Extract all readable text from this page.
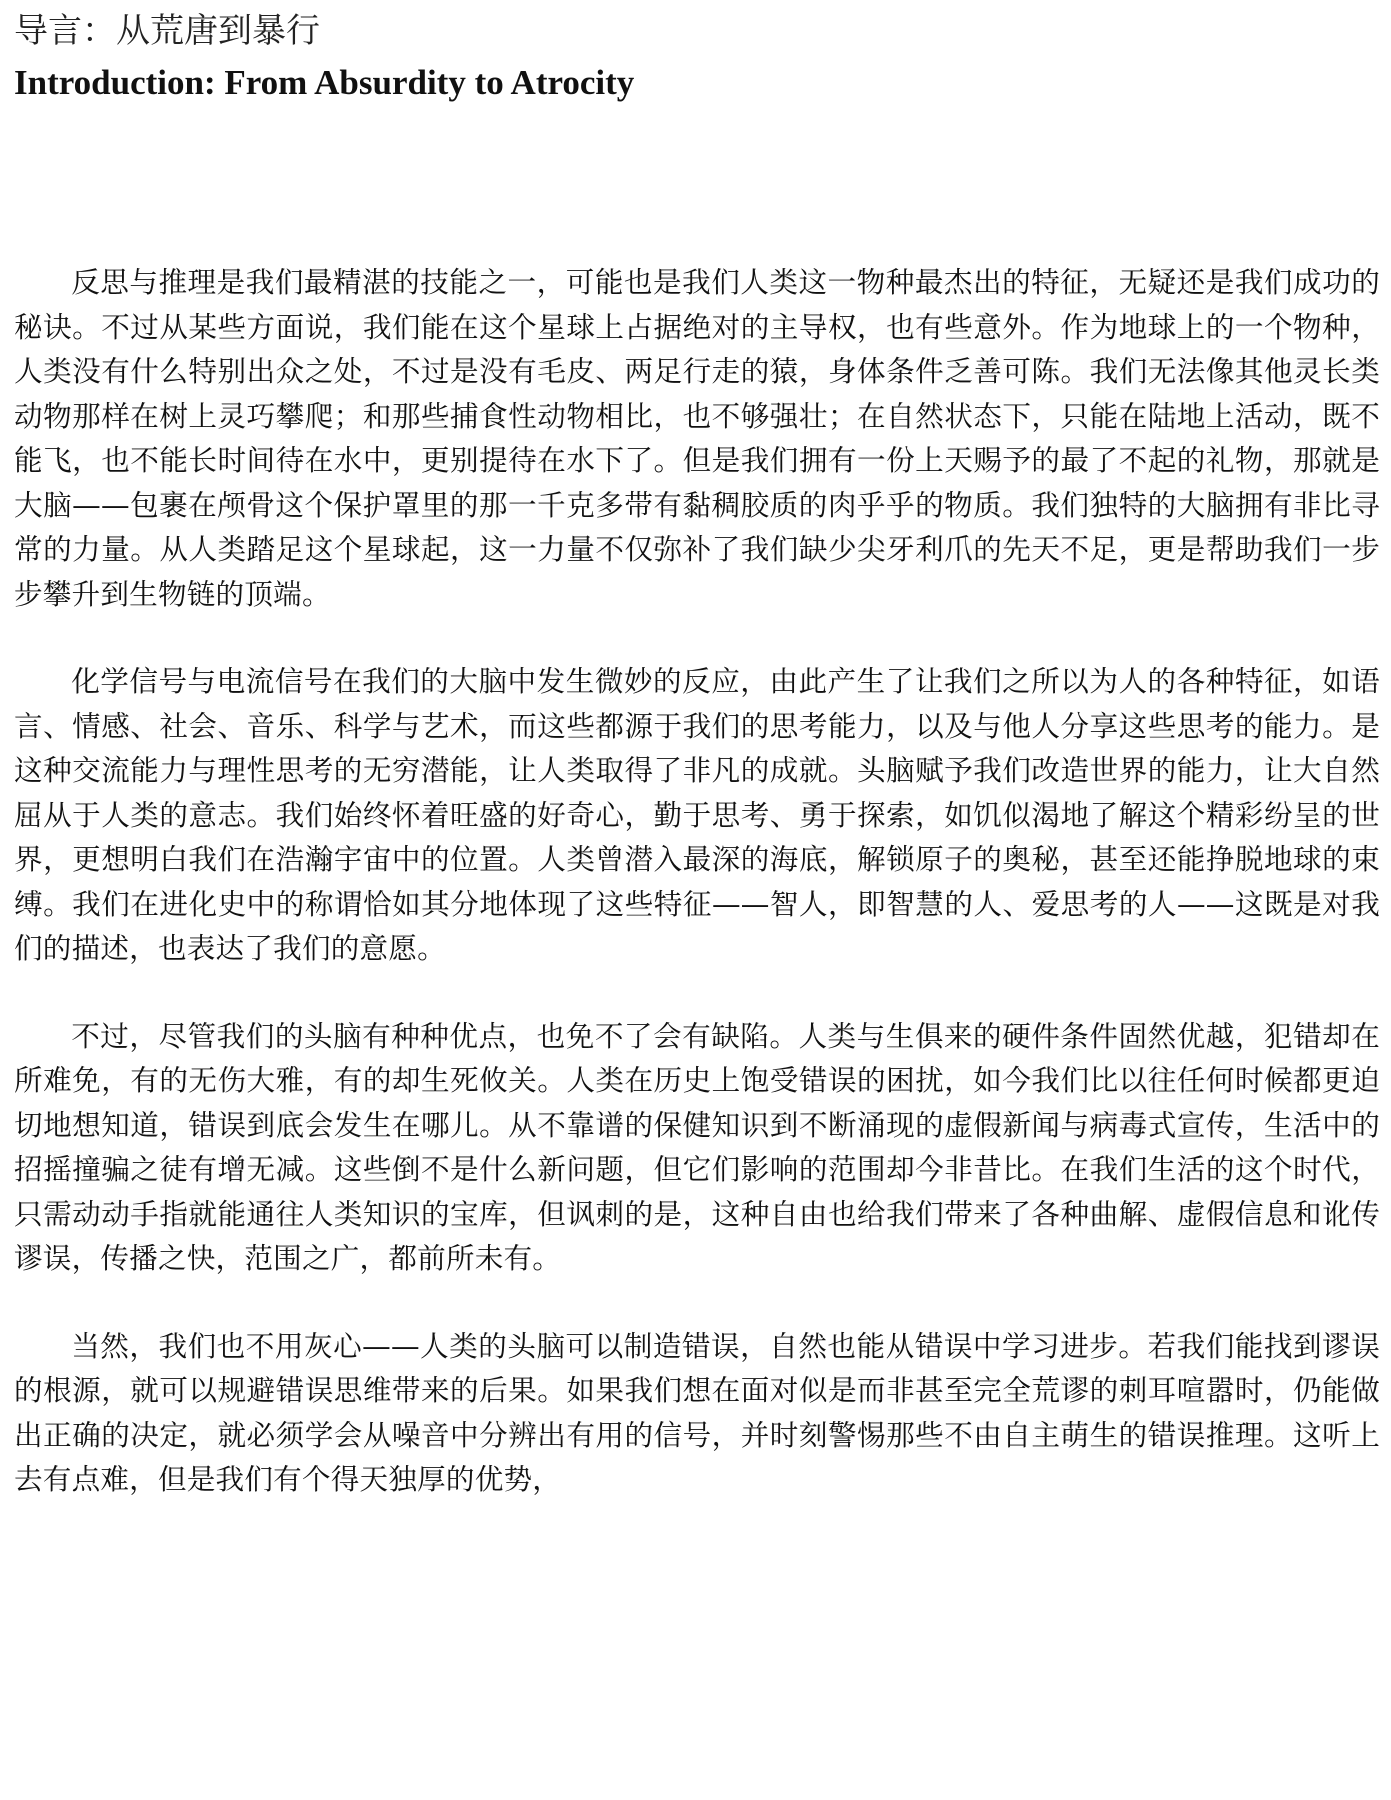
导言：从荒唐到暴行
Introduction: From Absurdity to Atrocity

反思与推理是我们最精湛的技能之一，可能也是我们人类这一物种最杰出的特征，无疑还是我们成功的秘诀。不过从某些方面说，我们能在这个星球上占据绝对的主导权，也有些意外。作为地球上的一个物种，人类没有什么特别出众之处，不过是没有毛皮、两足行走的猿，身体条件乏善可陈。我们无法像其他灵长类动物那样在树上灵巧攀爬；和那些捕食性动物相比，也不够强壮；在自然状态下，只能在陆地上活动，既不能飞，也不能长时间待在水中，更别提待在水下了。但是我们拥有一份上天赐予的最了不起的礼物，那就是大脑——包裹在颅骨这个保护罩里的那一千克多带有黏稠胶质的肉乎乎的物质。我们独特的大脑拥有非比寻常的力量。从人类踏足这个星球起，这一力量不仅弥补了我们缺少尖牙利爪的先天不足，更是帮助我们一步步攀升到生物链的顶端。

化学信号与电流信号在我们的大脑中发生微妙的反应，由此产生了让我们之所以为人的各种特征，如语言、情感、社会、音乐、科学与艺术，而这些都源于我们的思考能力，以及与他人分享这些思考的能力。是这种交流能力与理性思考的无穷潜能，让人类取得了非凡的成就。头脑赋予我们改造世界的能力，让大自然屈从于人类的意志。我们始终怀着旺盛的好奇心，勤于思考、勇于探索，如饥似渴地了解这个精彩纷呈的世界，更想明白我们在浩瀚宇宙中的位置。人类曾潜入最深的海底，解锁原子的奥秘，甚至还能挣脱地球的束缚。我们在进化史中的称谓恰如其分地体现了这些特征——智人，即智慧的人、爱思考的人——这既是对我们的描述，也表达了我们的意愿。

不过，尽管我们的头脑有种种优点，也免不了会有缺陷。人类与生俱来的硬件条件固然优越，犯错却在所难免，有的无伤大雅，有的却生死攸关。人类在历史上饱受错误的困扰，如今我们比以往任何时候都更迫切地想知道，错误到底会发生在哪儿。从不靠谱的保健知识到不断涌现的虚假新闻与病毒式宣传，生活中的招摇撞骗之徒有增无减。这些倒不是什么新问题，但它们影响的范围却今非昔比。在我们生活的这个时代，只需动动手指就能通往人类知识的宝库，但讽刺的是，这种自由也给我们带来了各种曲解、虚假信息和讹传谬误，传播之快，范围之广，都前所未有。

当然，我们也不用灰心——人类的头脑可以制造错误，自然也能从错误中学习进步。若我们能找到谬误的根源，就可以规避错误思维带来的后果。如果我们想在面对似是而非甚至完全荒谬的刺耳喧嚣时，仍能做出正确的决定，就必须学会从噪音中分辨出有用的信号，并时刻警惕那些不由自主萌生的错误推理。这听上去有点难，但是我们有个得天独厚的优势，
